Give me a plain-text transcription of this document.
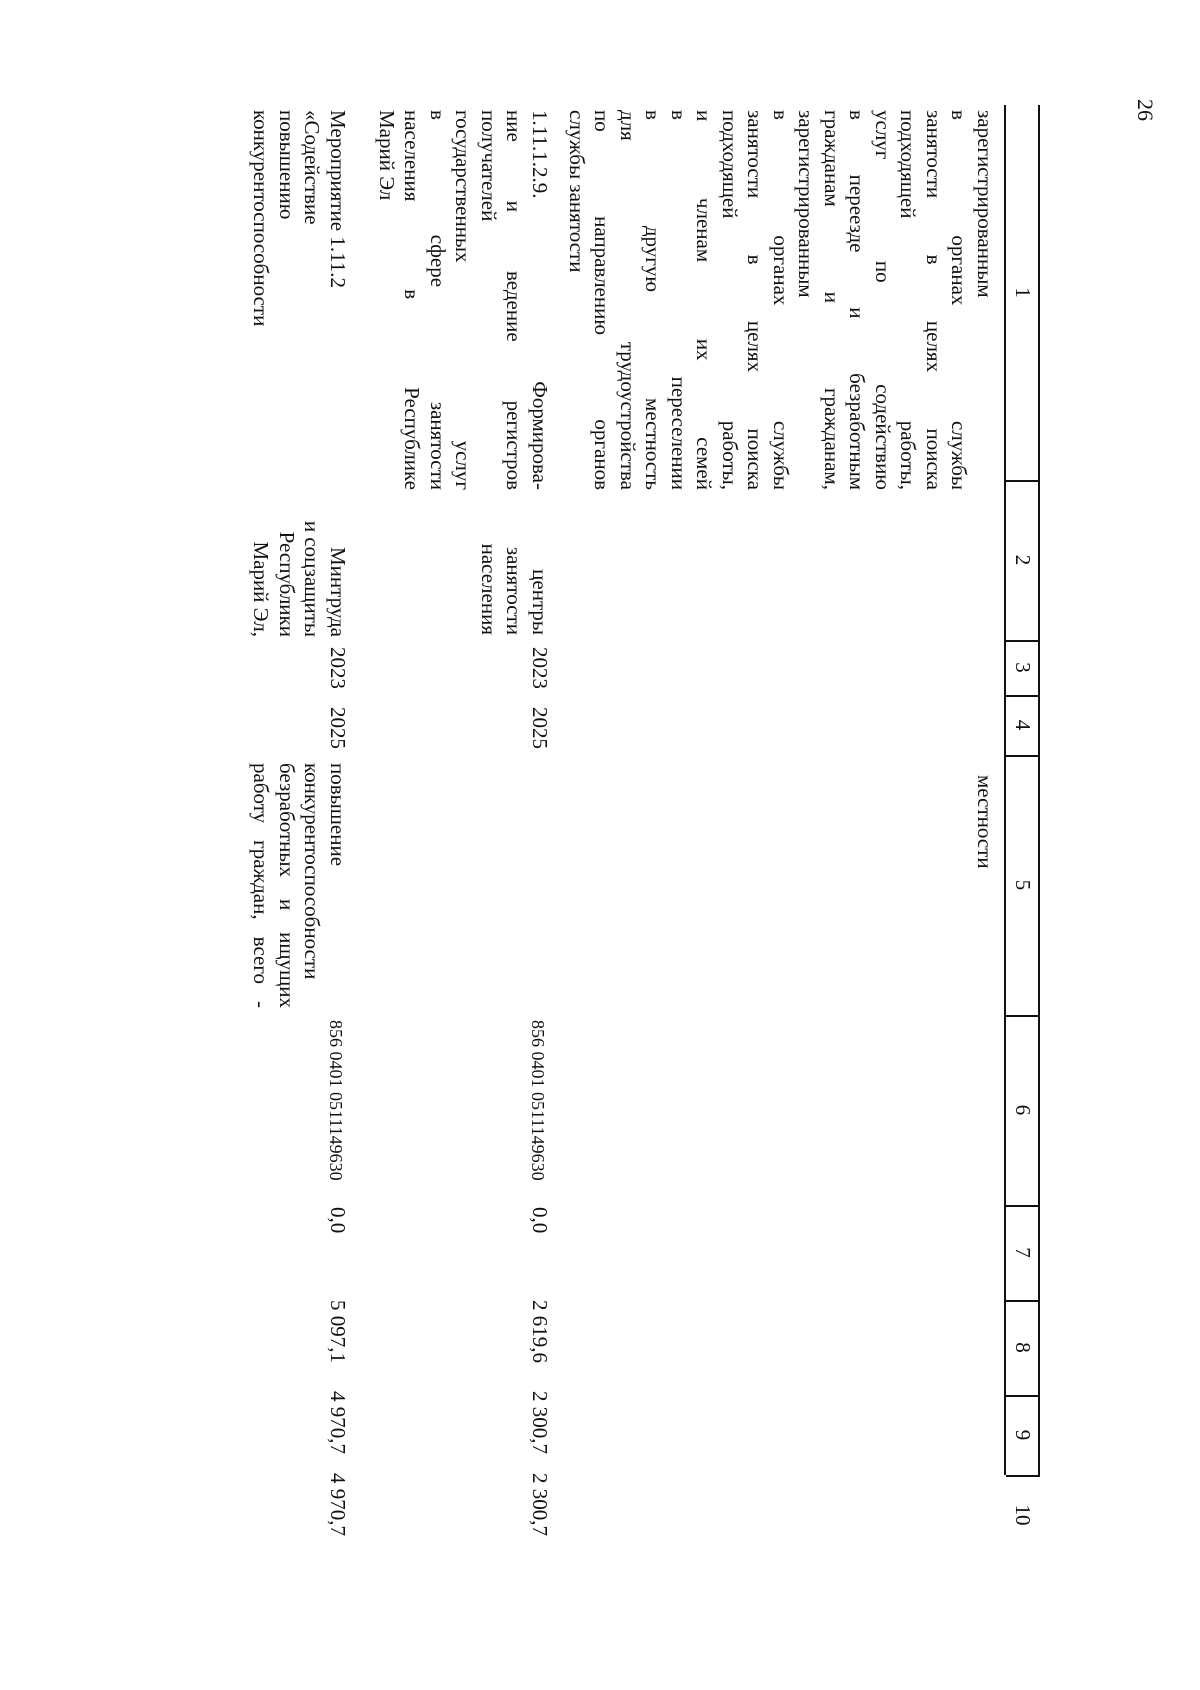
26
1
2
3
4
5
6
7
8
9
10
зарегистрированным
в органах службы
занятости в целях поиска
подходящей работы,
услуг по содействию
в переезде и безработным
гражданам и гражданам,
зарегистрированным
в органах службы
занятости в целях поиска
подходящей работы,
и членам их семей
в переселении
в другую местность
для трудоустройства
по направлению органов
службы занятости
местности
1.11.1.2.9. Формирова-
ние и ведение регистров
получателей
государственных услуг
в сфере занятости
населения в Республике
Марий Эл
центры
занятости
населения
2023
2025
856 0401 0511149630
0,0
2 619,6
2 300,7
2 300,7
Мероприятие 1.11.2
«Содействие
повышению
конкурентоспособности
Минтруда
и соцзащиты
Республики
Марий Эл,
2023
2025
повышение
конкурентоспособности
безработных и ищущих
работу граждан, всего -
856 0401 0511149630
0,0
5 097,1
4 970,7
4 970,7
